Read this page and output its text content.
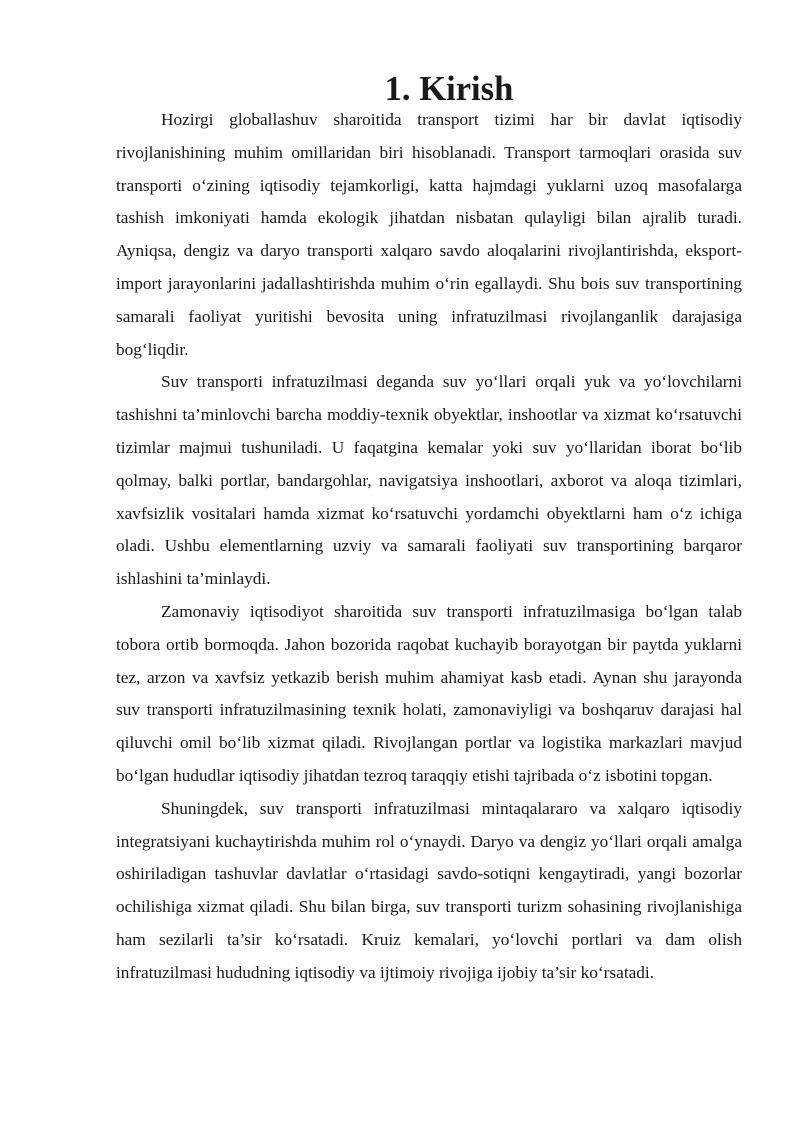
1. Kirish

Hozirgi globallashuv sharoitida transport tizimi har bir davlat iqtisodiy rivojlanishining muhim omillaridan biri hisoblanadi. Transport tarmoqlari orasida suv transporti o‘zining iqtisodiy tejamkorligi, katta hajmdagi yuklarni uzoq masofalarga tashish imkoniyati hamda ekologik jihatdan nisbatan qulayligi bilan ajralib turadi. Ayniqsa, dengiz va daryo transporti xalqaro savdo aloqalarini rivojlantirishda, eksport-import jarayonlarini jadallashtirishda muhim o‘rin egallaydi. Shu bois suv transportining samarali faoliyat yuritishi bevosita uning infratuzilmasi rivojlanganlik darajasiga bog‘liqdir.

Suv transporti infratuzilmasi deganda suv yo‘llari orqali yuk va yo‘lovchilarni tashishni ta’minlovchi barcha moddiy-texnik obyektlar, inshootlar va xizmat ko‘rsatuvchi tizimlar majmui tushuniladi. U faqatgina kemalar yoki suv yo‘llaridan iborat bo‘lib qolmay, balki portlar, bandargohlar, navigatsiya inshootlari, axborot va aloqa tizimlari, xavfsizlik vositalari hamda xizmat ko‘rsatuvchi yordamchi obyektlarni ham o‘z ichiga oladi. Ushbu elementlarning uzviy va samarali faoliyati suv transportining barqaror ishlashini ta’minlaydi.

Zamonaviy iqtisodiyot sharoitida suv transporti infratuzilmasiga bo‘lgan talab tobora ortib bormoqda. Jahon bozorida raqobat kuchayib borayotgan bir paytda yuklarni tez, arzon va xavfsiz yetkazib berish muhim ahamiyat kasb etadi. Aynan shu jarayonda suv transporti infratuzilmasining texnik holati, zamonaviyligi va boshqaruv darajasi hal qiluvchi omil bo‘lib xizmat qiladi. Rivojlangan portlar va logistika markazlari mavjud bo‘lgan hududlar iqtisodiy jihatdan tezroq taraqqiy etishi tajribada o‘z isbotini topgan.

Shuningdek, suv transporti infratuzilmasi mintaqalararo va xalqaro iqtisodiy integratsiyani kuchaytirishda muhim rol o‘ynaydi. Daryo va dengiz yo‘llari orqali amalga oshiriladigan tashuvlar davlatlar o‘rtasidagi savdo-sotiqni kengaytiradi, yangi bozorlar ochilishiga xizmat qiladi. Shu bilan birga, suv transporti turizm sohasining rivojlanishiga ham sezilarli ta’sir ko‘rsatadi. Kruiz kemalari, yo‘lovchi portlari va dam olish infratuzilmasi hududning iqtisodiy va ijtimoiy rivojiga ijobiy ta’sir ko‘rsatadi.
